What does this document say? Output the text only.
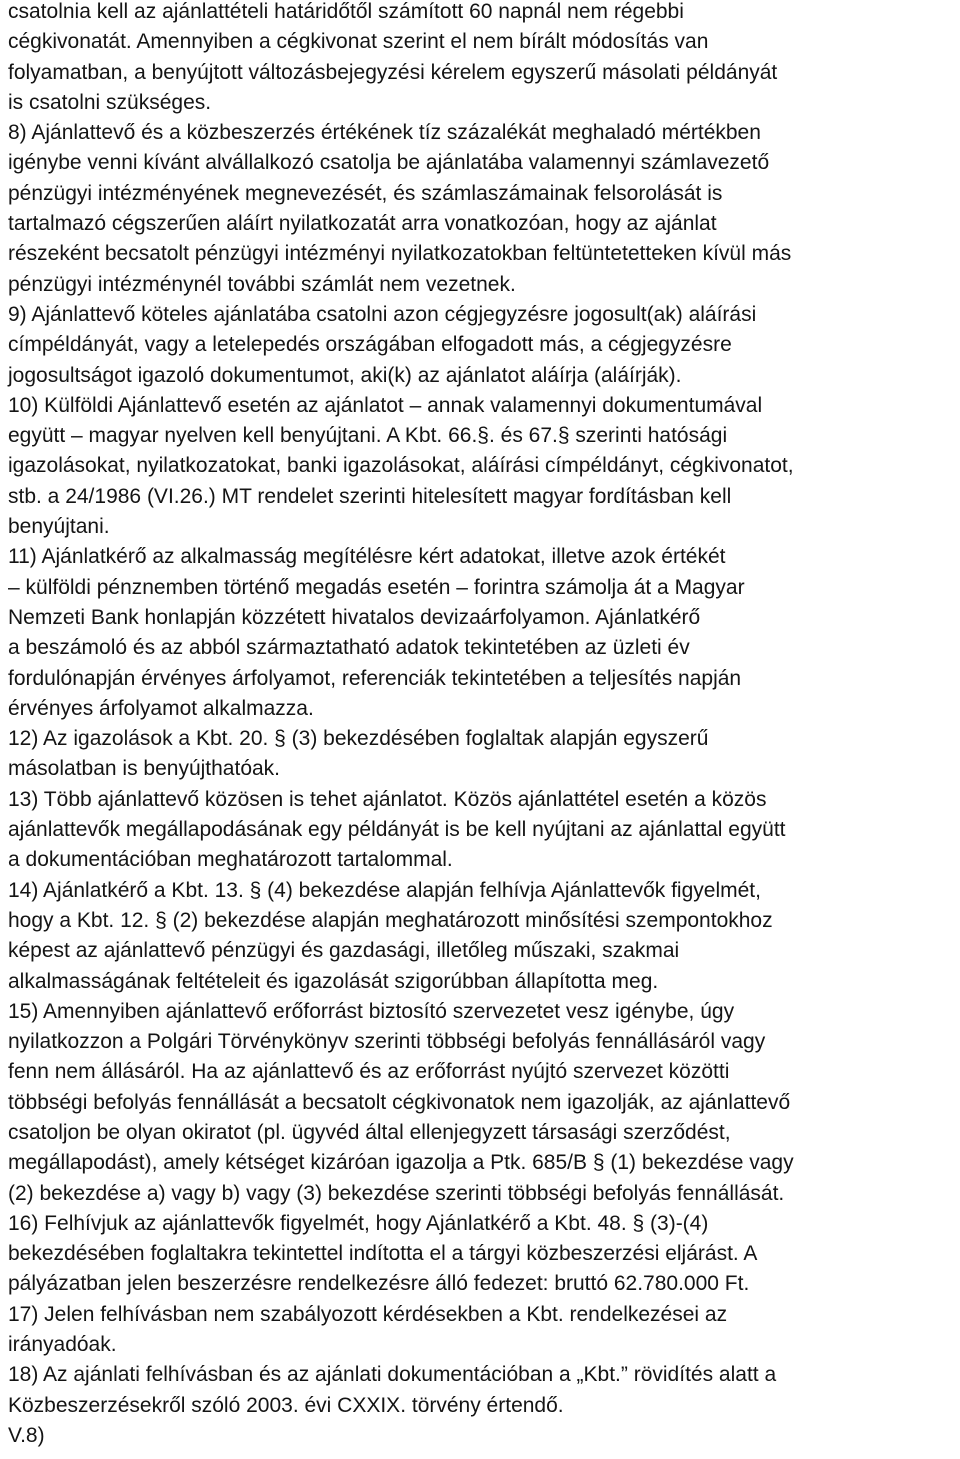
csatolnia kell az ajánlattételi határidőtől számított 60 napnál nem régebbi
cégkivonatát. Amennyiben a cégkivonat szerint el nem bírált módosítás van
folyamatban, a benyújtott változásbejegyzési kérelem egyszerű másolati példányát
is csatolni szükséges.
8) Ajánlattevő és a közbeszerzés értékének tíz százalékát meghaladó mértékben
igénybe venni kívánt alvállalkozó csatolja be ajánlatába valamennyi számlavezető
pénzügyi intézményének megnevezését, és számlaszámainak felsorolását is
tartalmazó cégszerűen aláírt nyilatkozatát arra vonatkozóan, hogy az ajánlat
részeként becsatolt pénzügyi intézményi nyilatkozatokban feltüntetetteken kívül más
pénzügyi intézménynél további számlát nem vezetnek.
9) Ajánlattevő köteles ajánlatába csatolni azon cégjegyzésre jogosult(ak) aláírási
címpéldányát, vagy a letelepedés országában elfogadott más, a cégjegyzésre
jogosultságot igazoló dokumentumot, aki(k) az ajánlatot aláírja (aláírják).
10) Külföldi Ajánlattevő esetén az ajánlatot – annak valamennyi dokumentumával
együtt – magyar nyelven kell benyújtani. A Kbt. 66.§. és 67.§ szerinti hatósági
igazolásokat, nyilatkozatokat, banki igazolásokat, aláírási címpéldányt, cégkivonatot,
stb. a 24/1986 (VI.26.) MT rendelet szerinti hitelesített magyar fordításban kell
benyújtani.
11) Ajánlatkérő az alkalmasság megítélésre kért adatokat, illetve azok értékét
– külföldi pénznemben történő megadás esetén – forintra számolja át a Magyar
Nemzeti Bank honlapján közzétett hivatalos devizaárfolyamon. Ajánlatkérő
a beszámoló és az abból származtatható adatok tekintetében az üzleti év
fordulónapján érvényes árfolyamot, referenciák tekintetében a teljesítés napján
érvényes árfolyamot alkalmazza.
12) Az igazolások a Kbt. 20. § (3) bekezdésében foglaltak alapján egyszerű
másolatban is benyújthatóak.
13) Több ajánlattevő közösen is tehet ajánlatot. Közös ajánlattétel esetén a közös
ajánlattevők megállapodásának egy példányát is be kell nyújtani az ajánlattal együtt
a dokumentációban meghatározott tartalommal.
14) Ajánlatkérő a Kbt. 13. § (4) bekezdése alapján felhívja Ajánlattevők figyelmét,
hogy a Kbt. 12. § (2) bekezdése alapján meghatározott minősítési szempontokhoz
képest az ajánlattevő pénzügyi és gazdasági, illetőleg műszaki, szakmai
alkalmasságának feltételeit és igazolását szigorúbban állapította meg.
15) Amennyiben ajánlattevő erőforrást biztosító szervezetet vesz igénybe, úgy
nyilatkozzon a Polgári Törvénykönyv szerinti többségi befolyás fennállásáról vagy
fenn nem állásáról. Ha az ajánlattevő és az erőforrást nyújtó szervezet közötti
többségi befolyás fennállását a becsatolt cégkivonatok nem igazolják, az ajánlattevő
csatoljon be olyan okiratot (pl. ügyvéd által ellenjegyzett társasági szerződést,
megállapodást), amely kétséget kizáróan igazolja a Ptk. 685/B § (1) bekezdése vagy
(2) bekezdése a) vagy b) vagy (3) bekezdése szerinti többségi befolyás fennállását.
16) Felhívjuk az ajánlattevők figyelmét, hogy Ajánlatkérő a Kbt. 48. § (3)-(4)
bekezdésében foglaltakra tekintettel indította el a tárgyi közbeszerzési eljárást. A
pályázatban jelen beszerzésre rendelkezésre álló fedezet: bruttó 62.780.000 Ft.
17) Jelen felhívásban nem szabályozott kérdésekben a Kbt. rendelkezései az
irányadóak.
18) Az ajánlati felhívásban és az ajánlati dokumentációban a „Kbt.” rövidítés alatt a
Közbeszerzésekről szóló 2003. évi CXXIX. törvény értendő.
V.8)
